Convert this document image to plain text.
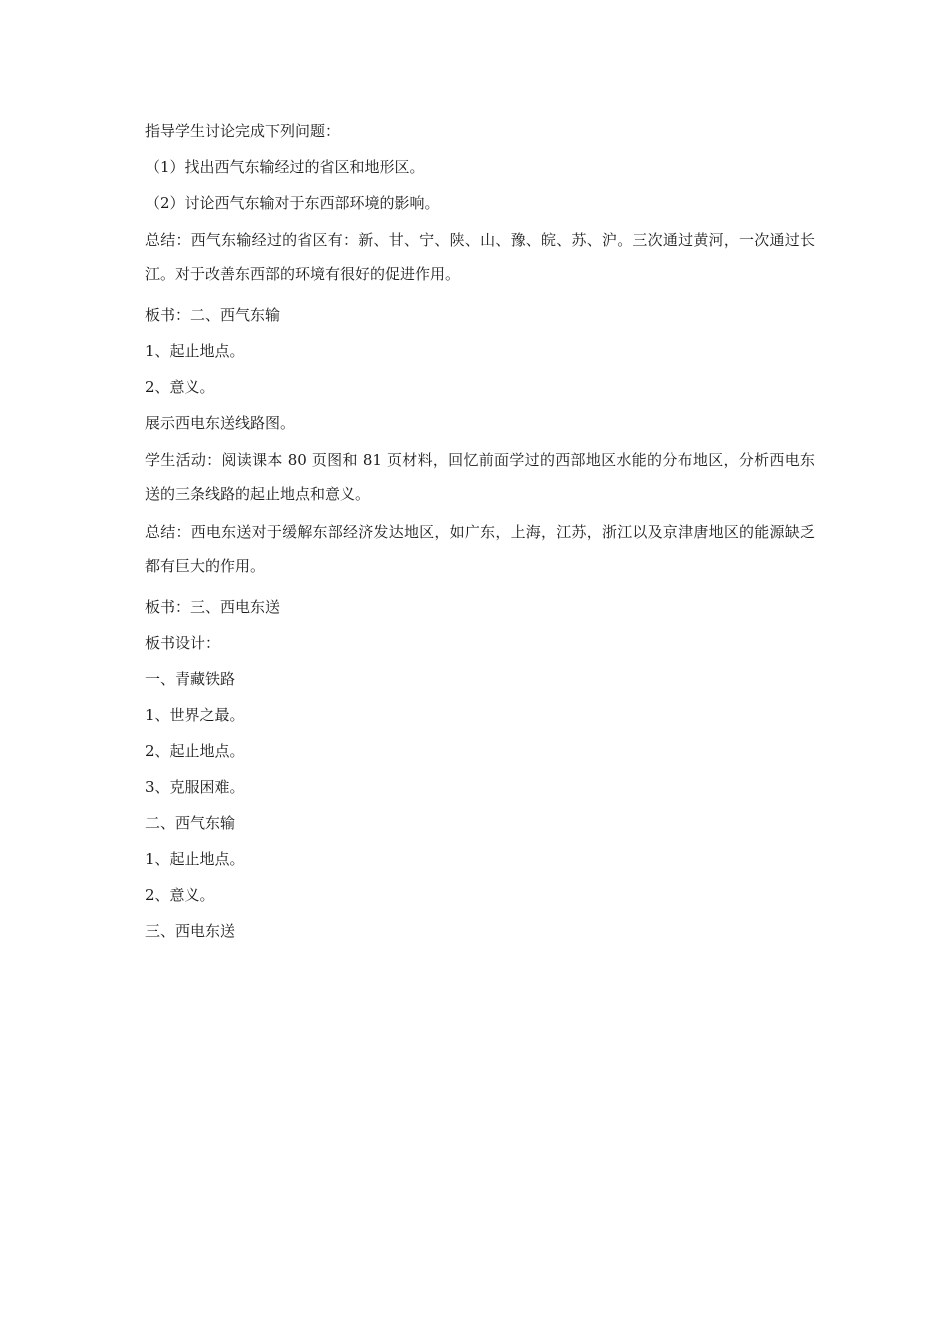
指导学生讨论完成下列问题：

（1）找出西气东输经过的省区和地形区。

（2）讨论西气东输对于东西部环境的影响。

总结：西气东输经过的省区有：新、甘、宁、陕、山、豫、皖、苏、沪。三次通过黄河，一次通过长江。对于改善东西部的环境有很好的促进作用。

板书：二、西气东输

1、起止地点。

2、意义。

展示西电东送线路图。

学生活动：阅读课本 80 页图和 81 页材料，回忆前面学过的西部地区水能的分布地区，分析西电东送的三条线路的起止地点和意义。

总结：西电东送对于缓解东部经济发达地区，如广东，上海，江苏，浙江以及京津唐地区的能源缺乏都有巨大的作用。

板书：三、西电东送

板书设计：

一、青藏铁路

1、世界之最。

2、起止地点。

3、克服困难。

二、西气东输

1、起止地点。

2、意义。

三、西电东送
